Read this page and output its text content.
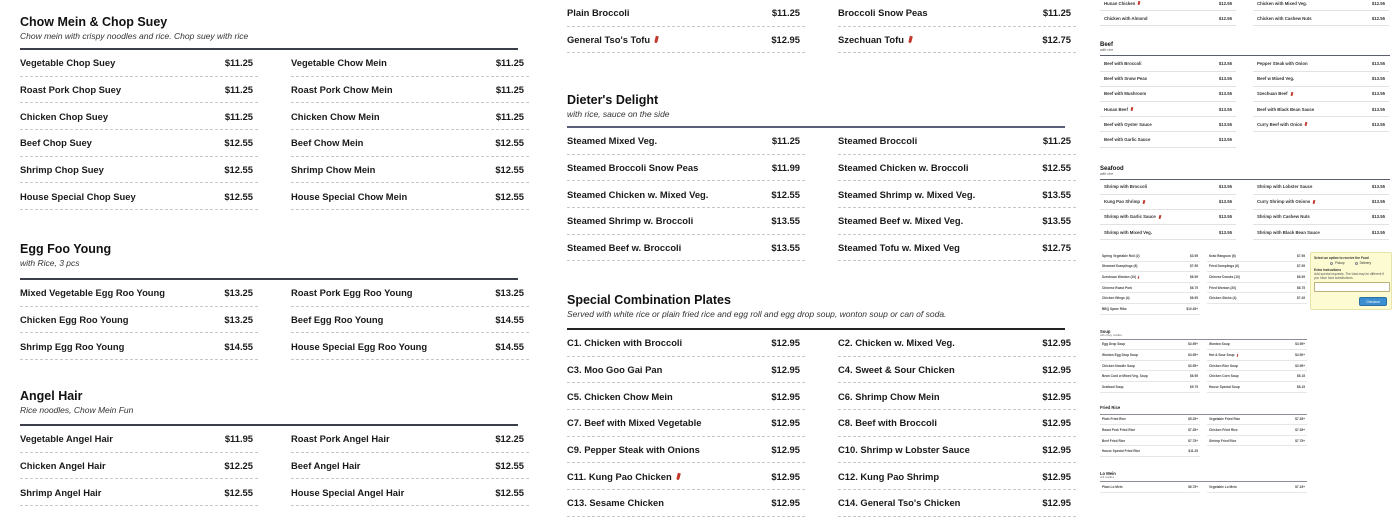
Chow Mein & Chop Suey
Chow mein with crispy noodles and rice. Chop suey with rice
Vegetable Chop Suey	$11.25	Vegetable Chow Mein	$11.25
Roast Pork Chop Suey	$11.25	Roast Pork Chow Mein	$11.25
Chicken Chop Suey	$11.25	Chicken Chow Mein	$11.25
Beef Chop Suey	$12.55	Beef Chow Mein	$12.55
Shrimp Chop Suey	$12.55	Shrimp Chow Mein	$12.55
House Special Chop Suey	$12.55	House Special Chow Mein	$12.55
Egg Foo Young
with Rice, 3 pcs
Mixed Vegetable Egg Roo Young	$13.25	Roast Pork Egg Roo Young	$13.25
Chicken Egg Roo Young	$13.25	Beef Egg Roo Young	$14.55
Shrimp Egg Roo Young	$14.55	House Special Egg Roo Young	$14.55
Angel Hair
Rice noodles, Chow Mein Fun
Vegetable Angel Hair	$11.95	Roast Pork Angel Hair	$12.25
Chicken Angel Hair	$12.25	Beef Angel Hair	$12.55
Shrimp Angel Hair	$12.55	House Special Angel Hair	$12.55
Plain Broccoli	$11.25	Broccoli Snow Peas	$11.25
General Tso's Tofu	$12.95	Szechuan Tofu	$12.75
Dieter's Delight
with rice, sauce on the side
Steamed Mixed Veg.	$11.25	Steamed Broccoli	$11.25
Steamed Broccoli Snow Peas	$11.99	Steamed Chicken w. Broccoli	$12.55
Steamed Chicken w. Mixed Veg.	$12.55	Steamed Shrimp w. Mixed Veg.	$13.55
Steamed Shrimp w. Broccoli	$13.55	Steamed Beef w. Mixed Veg.	$13.55
Steamed Beef w. Broccoli	$13.55	Steamed Tofu w. Mixed Veg	$12.75
Special Combination Plates
Served with white rice or plain fried rice and egg roll and egg drop soup, wonton soup or can of soda.
C1. Chicken with Broccoli	$12.95	C2. Chicken w. Mixed Veg.	$12.95
C3. Moo Goo Gai Pan	$12.95	C4. Sweet & Sour Chicken	$12.95
C5. Chicken Chow Mein	$12.95	C6. Shrimp Chow Mein	$12.95
C7. Beef with Mixed Vegetable	$12.95	C8. Beef with Broccoli	$12.95
C9. Pepper Steak with Onions	$12.95	C10. Shrimp w Lobster Sauce	$12.95
C11. Kung Pao Chicken	$12.95	C12. Kung Pao Shrimp	$12.95
C13. Sesame Chicken	$12.95	C14. General Tso's Chicken	$12.95
Hunan Chicken	$12.55	Chicken with Mixed Veg.	$12.55
Chicken with Almond	$12.55	Chicken with Cashew Nuts	$12.55
Beef
with rice
Beef with Broccoli	$13.55	Pepper Steak with Onion	$13.55
Beef with Snow Peas	$13.55	Beef w Mixed Veg.	$13.55
Beef with Mushroom	$13.55	Szechuan Beef	$13.55
Hunan Beef	$13.55	Beef with Black Bean Sauce	$13.55
Beef with Oyster Sauce	$13.55	Curry Beef with Onion	$13.55
Beef with Garlic Sauce	$13.55
Seafood
with rice
Shrimp with Broccoli	$13.55	Shrimp with Lobster Sauce	$13.55
Kung Pao Shrimp	$13.55	Curry Shrimp with Onions	$13.55
Shrimp with Garlic Sauce	$13.55	Shrimp with Cashew Nuts	$13.55
Shrimp with Mixed Veg.	$13.55	Shrimp with Black Bean Sauce	$13.55
Spring Vegetable Roll (2)	$3.95	Krab Rangoon (6)	$7.95
Steamed Dumplings (6)	$7.95	Fried Dumplings (6)	$7.95
Szechuan Wonton (10)	$6.99	Chinese Donuts (10)	$6.99
Chinese Roast Pork	$6.75	Fried Wonton (20)	$6.75
Chicken Wings (4)	$6.95	Chicken Sticks (4)	$7.45
BBQ Spare Ribs	$10.45+
Soup
with crispy noodles
Egg Drop Soup	$3.95+	Wonton Soup	$3.95+
Wonton Egg Drop Soup	$4.95+	Hot & Sour Soup	$4.50+
Chicken Noodle Soup	$3.95+	Chicken Rice Soup	$3.95+
Bean Curd w Mixed Veg. Soup	$6.95	Chicken Corn Soup	$6.15
Seafood Soup	$9.75	House Special Soup	$8.15
Fried Rice
Plain Fried Rice	$5.25+	Vegetable Fried Rice	$7.35+
Roast Pork Fried Rice	$7.35+	Chicken Fried Rice	$7.35+
Beef Fried Rice	$7.75+	Shrimp Fried Rice	$7.75+
House Special Fried Rice	$11.25
Lo Mein
soft noodles
Plain Lo Mein	$6.75+	Vegetable Lo Mein	$7.15+
Select an option to receive the Food
Pickup	Delivery
Extra Instructions
Add special requests. The total may be different if you have food substitutions.
Checkout
